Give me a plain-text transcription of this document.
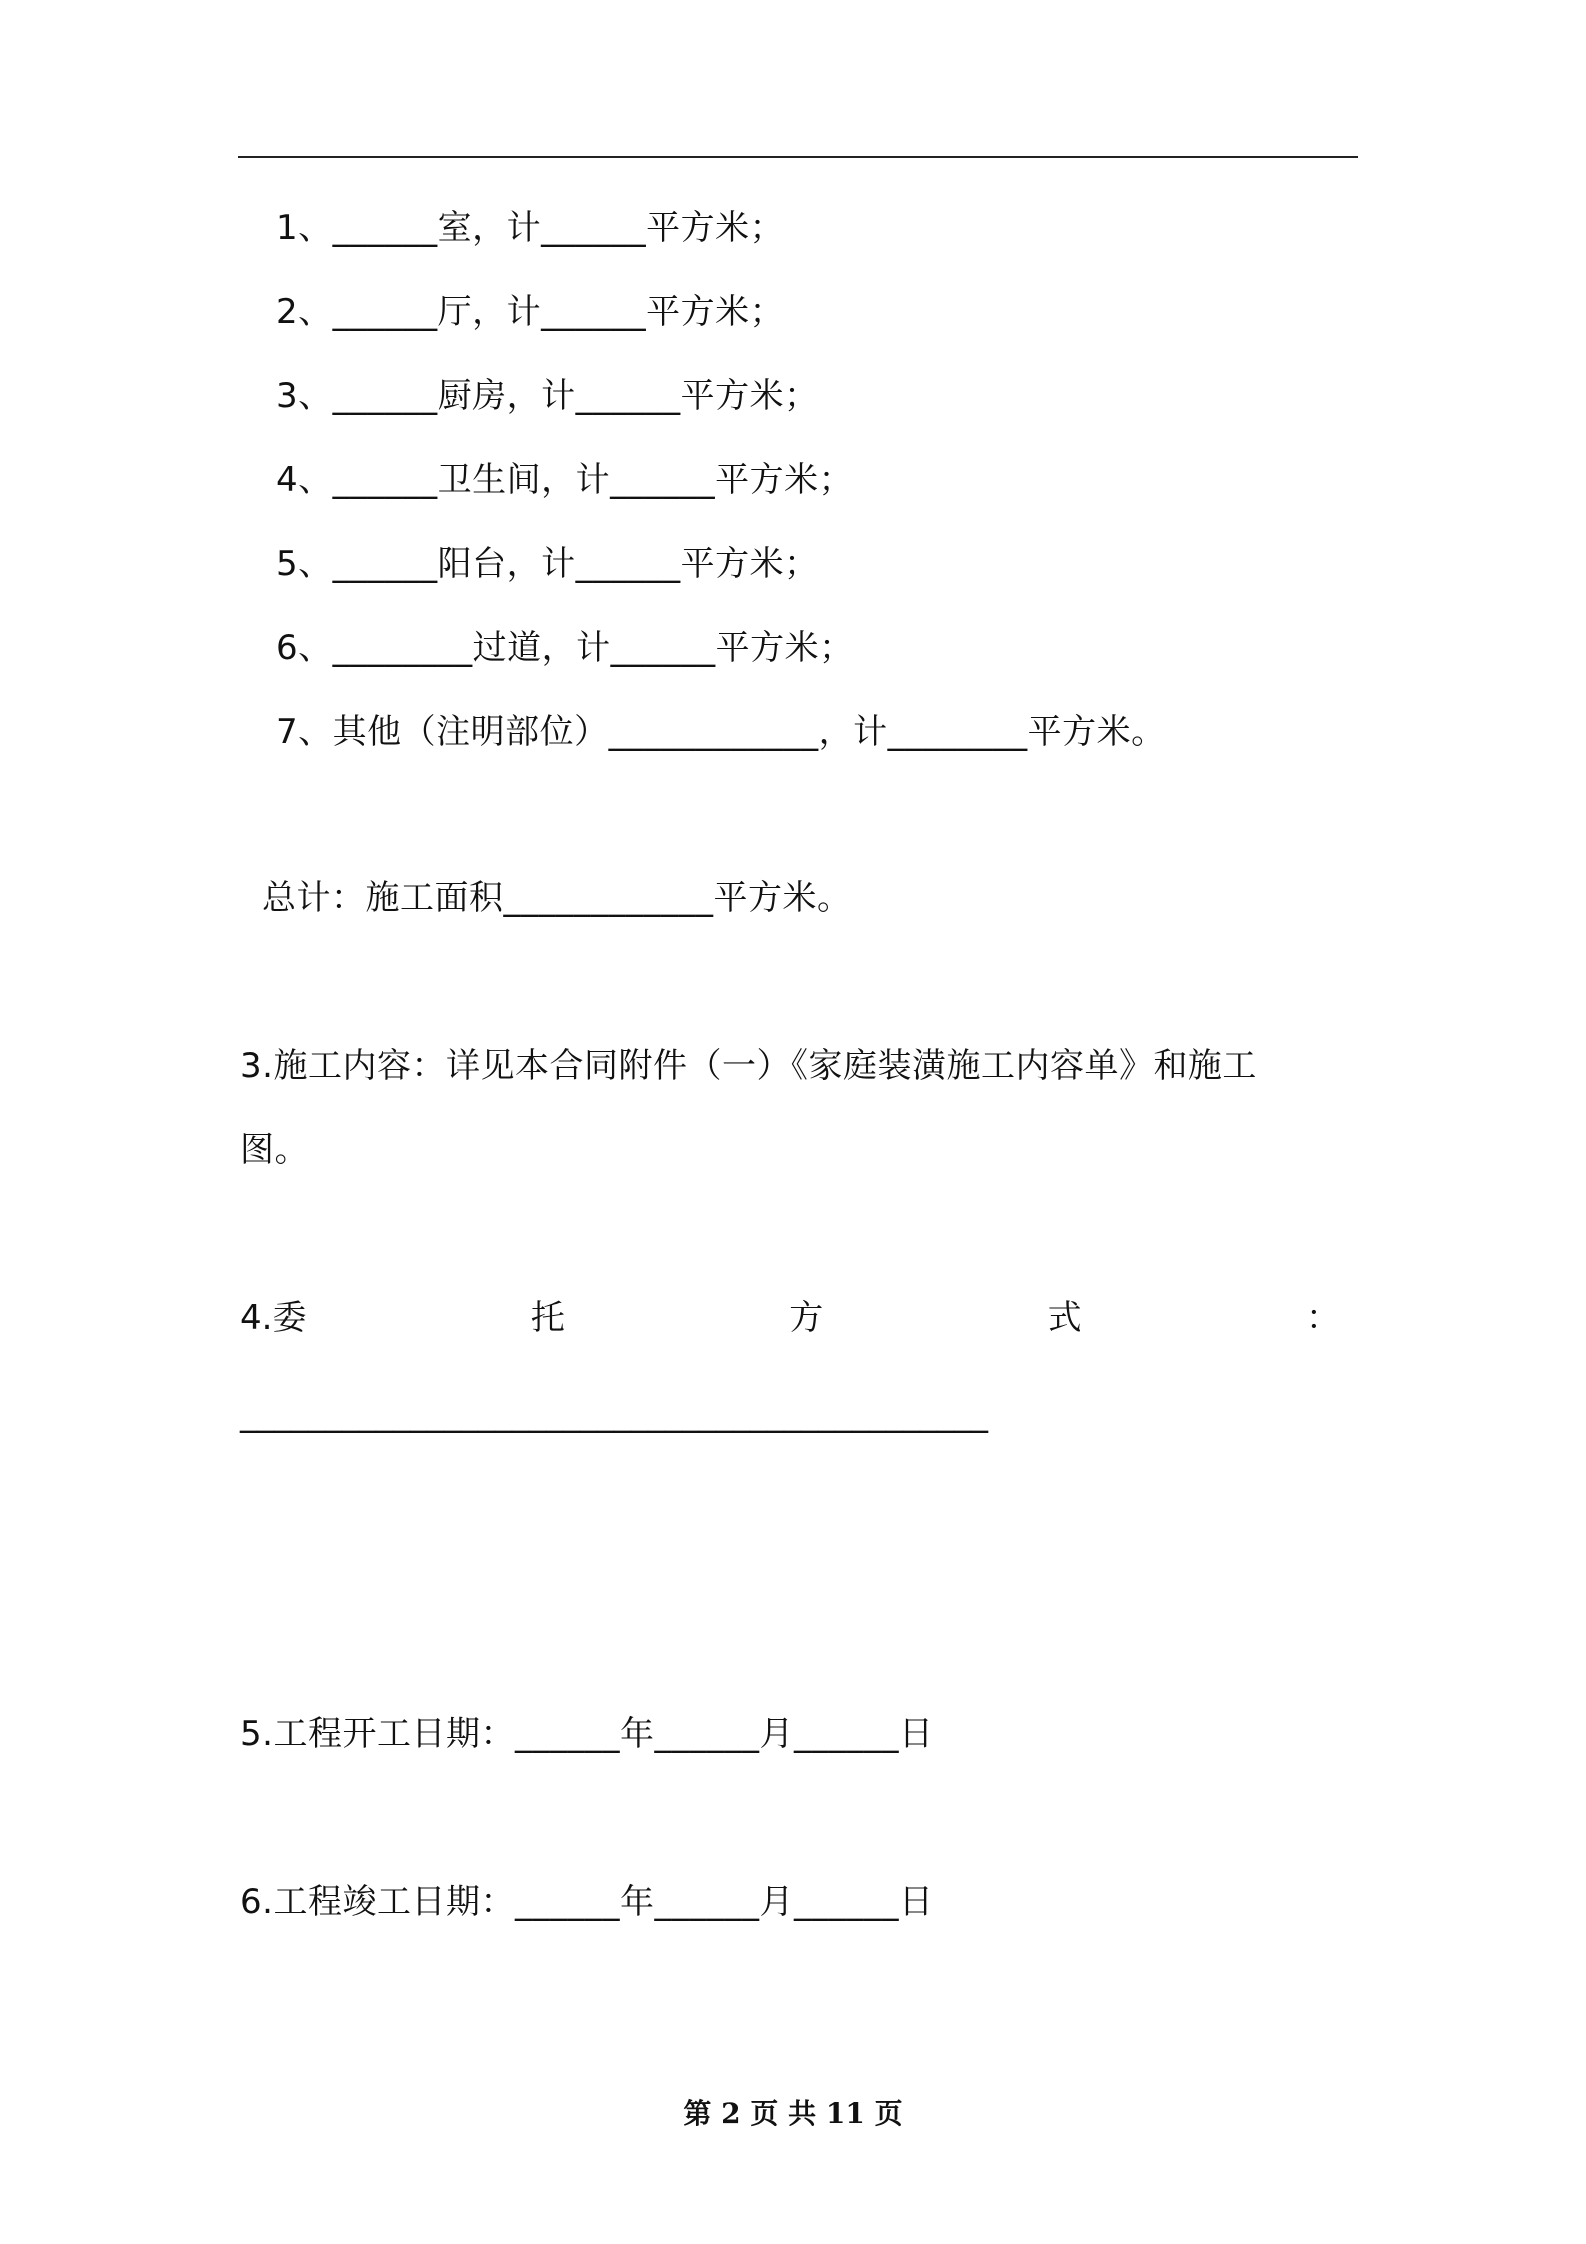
1、______室，计______平方米；
2、______厅，计______平方米；
3、______厨房，计______平方米；
4、______卫生间，计______平方米；
5、______阳台，计______平方米；
6、________过道，计______平方米；
7、其他（注明部位）____________，计________平方米。
总计：施工面积____________平方米。
3.施工内容：详见本合同附件（一）《家庭装潢施工内容单》和施工
图。
4.委	托	方	式	：
____________________________________________
5.工程开工日期：______年______月______日
6.工程竣工日期：______年______月______日
第 2 页 共 11 页
